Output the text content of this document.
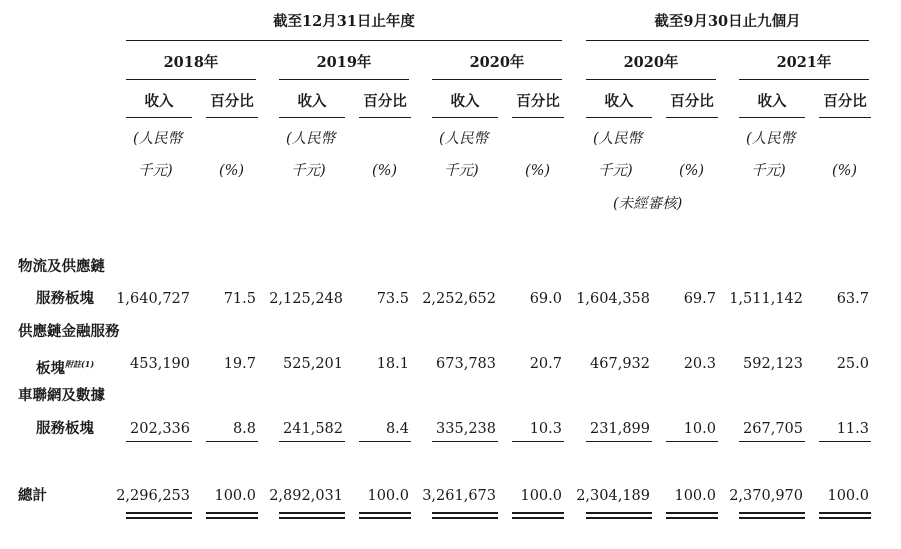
截至12月31日止年度	截至9月30日止九個月
2018年	2019年	2020年	2020年	2021年
收入	百分比	收入	百分比	收入	百分比	收入	百分比	收入	百分比
(人民幣	(人民幣	(人民幣	(人民幣	(人民幣
千元)	千元)	千元)	千元)	千元)
(%)	(%)	(%)	(%)	(%)
(未經審核)
物流及供應鏈
服務板塊	1,640,727	71.5 2,125,248	73.5 2,252,652	69.0 1,604,358	69.7 1,511,142	63.7
供應鏈金融服務
板塊$^{附註(1)}$	453,190	19.7	525,201	18.1	673,783	20.7	467,932	20.3	592,123	25.0
車聯網及數據
服務板塊	202,336	8.8	241,582	8.4	335,238	10.3	231,899	10.0	267,705	11.3
總計	2,296,253	100.0 2,892,031	100.0 3,261,673	100.0 2,304,189	100.0 2,370,970	100.0
